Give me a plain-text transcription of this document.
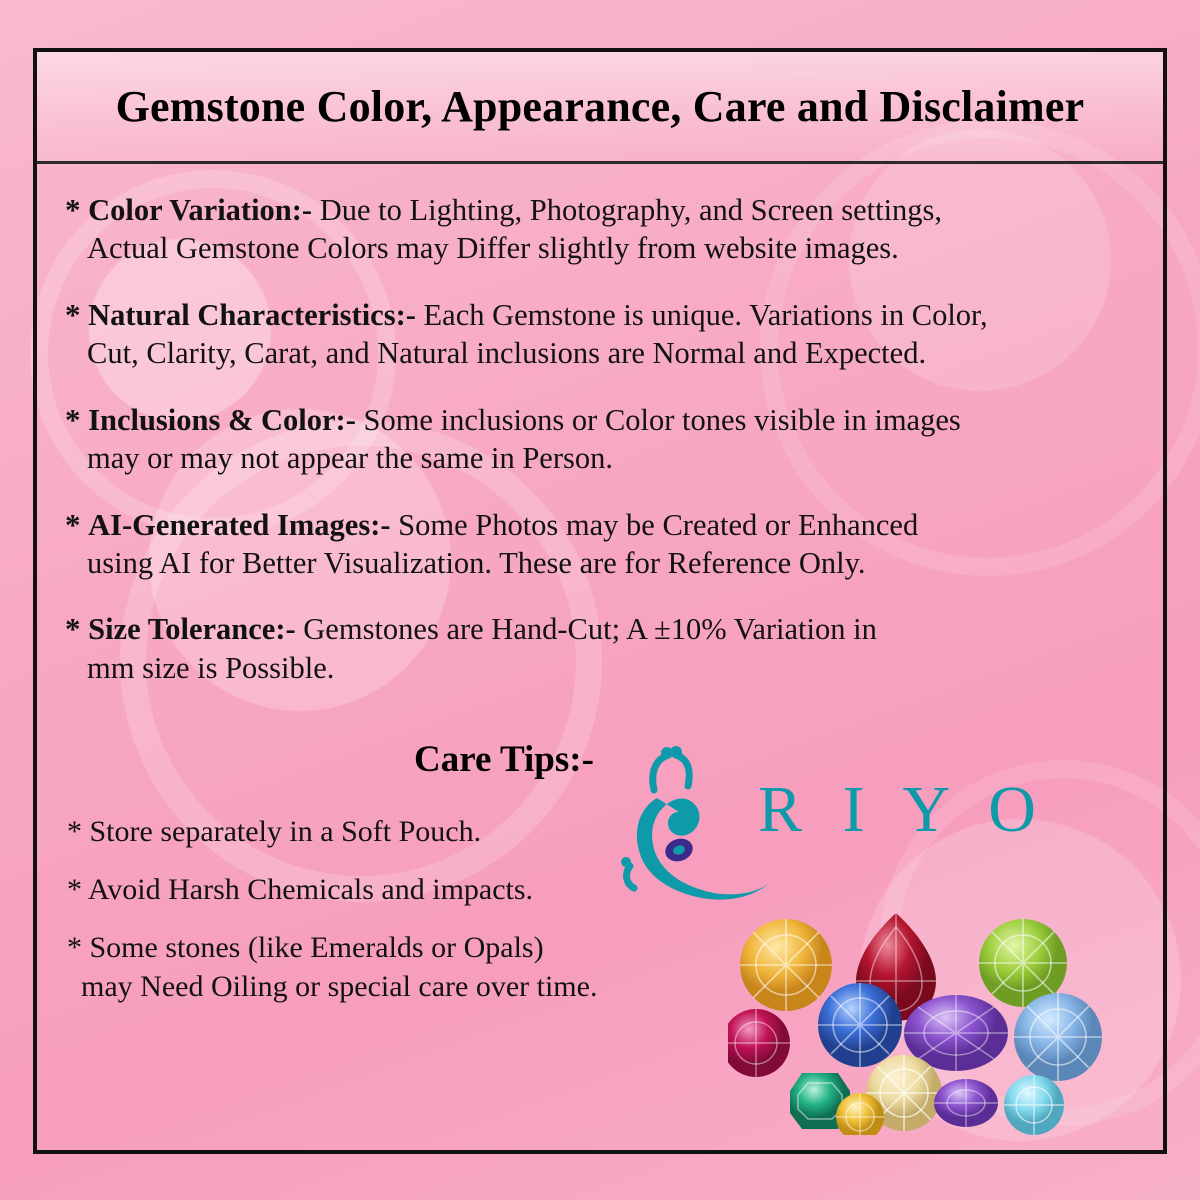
Gemstone Color, Appearance, Care and Disclaimer
* Color Variation:- Due to Lighting, Photography, and Screen settings,
Actual Gemstone Colors may Differ slightly from website images.
* Natural Characteristics:- Each Gemstone is unique. Variations in Color,
Cut, Clarity, Carat, and Natural inclusions are Normal and Expected.
* Inclusions & Color:- Some inclusions or Color tones visible in images
may or may not appear the same in Person.
* AI-Generated Images:- Some Photos may be Created or Enhanced
using AI for Better Visualization. These are for Reference Only.
* Size Tolerance:- Gemstones are Hand-Cut; A ±10% Variation in
mm size is Possible.
Care Tips:-
* Store separately in a Soft Pouch.
* Avoid Harsh Chemicals and impacts.
* Some stones (like Emeralds or Opals)
may Need Oiling or special care over time.
R I Y O
